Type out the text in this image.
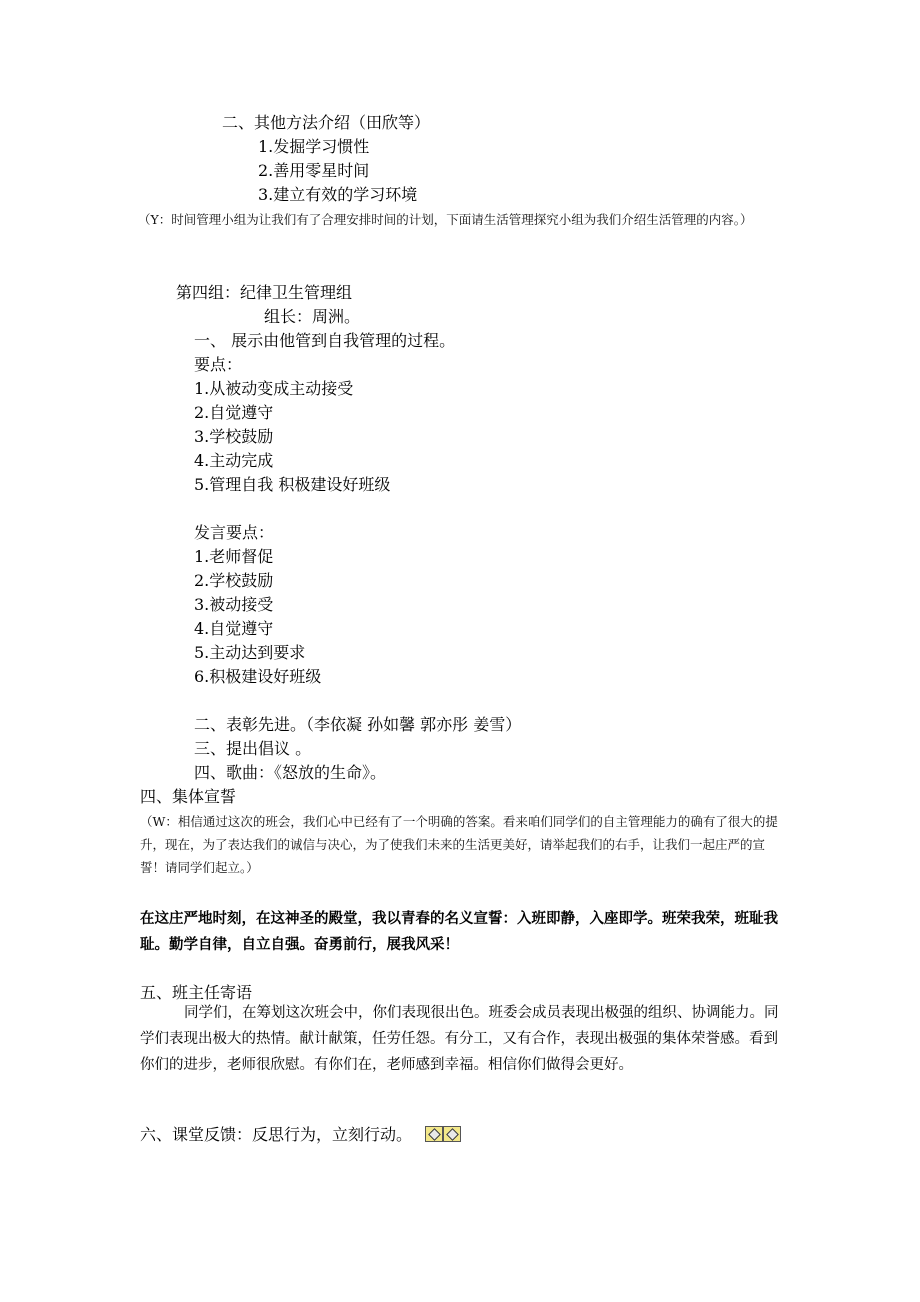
二、其他方法介绍（田欣等）
1.发掘学习惯性
2.善用零星时间
3.建立有效的学习环境
（Y：时间管理小组为让我们有了合理安排时间的计划，下面请生活管理探究小组为我们介绍生活管理的内容。）
第四组：纪律卫生管理组
组长：周洲。
一、 展示由他管到自我管理的过程。
要点：
1.从被动变成主动接受
2.自觉遵守
3.学校鼓励
4.主动完成
5.管理自我 积极建设好班级
发言要点：
1.老师督促
2.学校鼓励
3.被动接受
4.自觉遵守
5.主动达到要求
6.积极建设好班级
二、表彰先进。（李依凝 孙如馨 郭亦彤 姜雪）
三、提出倡议 。
四、歌曲：《怒放的生命》。
四、集体宣誓
（W：相信通过这次的班会，我们心中已经有了一个明确的答案。看来咱们同学们的自主管理能力的确有了很大的提升，现在，为了表达我们的诚信与决心，为了使我们未来的生活更美好，请举起我们的右手，让我们一起庄严的宣誓！请同学们起立。）
在这庄严地时刻，在这神圣的殿堂，我以青春的名义宣誓：入班即静，入座即学。班荣我荣，班耻我耻。勤学自律，自立自强。奋勇前行，展我风采！
五、班主任寄语
同学们，在筹划这次班会中，你们表现很出色。班委会成员表现出极强的组织、协调能力。同学们表现出极大的热情。献计献策，任劳任怨。有分工，又有合作，表现出极强的集体荣誉感。看到你们的进步，老师很欣慰。有你们在，老师感到幸福。相信你们做得会更好。
六、课堂反馈：反思行为，立刻行动。
